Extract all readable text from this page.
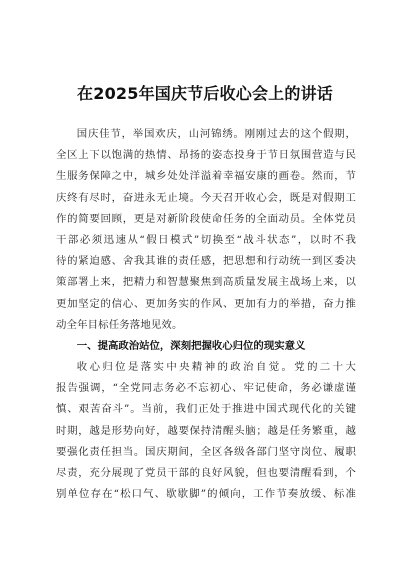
在2025年国庆节后收心会上的讲话
国庆佳节，举国欢庆，山河锦绣。刚刚过去的这个假期，
全区上下以饱满的热情、昂扬的姿态投身于节日氛围营造与民
生服务保障之中，城乡处处洋溢着幸福安康的画卷。然而，节
庆终有尽时，奋进永无止境。今天召开收心会，既是对假期工
作的简要回顾，更是对新阶段使命任务的全面动员。全体党员
干部必须迅速从“假日模式”切换至“战斗状态”，以时不我
待的紧迫感、舍我其谁的责任感，把思想和行动统一到区委决
策部署上来，把精力和智慧聚焦到高质量发展主战场上来，以
更加坚定的信心、更加务实的作风、更加有力的举措，奋力推
动全年目标任务落地见效。
一、提高政治站位，深刻把握收心归位的现实意义
收心归位是落实中央精神的政治自觉。党的二十大
报告强调，“全党同志务必不忘初心、牢记使命，务必谦虚谨
慎、艰苦奋斗”。当前，我们正处于推进中国式现代化的关键
时期，越是形势向好，越要保持清醒头脑；越是任务繁重，越
要强化责任担当。国庆期间，全区各级各部门坚守岗位、履职
尽责，充分展现了党员干部的良好风貌，但也要清醒看到，个
别单位存在“松口气、歇歇脚”的倾向，工作节奏放缓、标准
